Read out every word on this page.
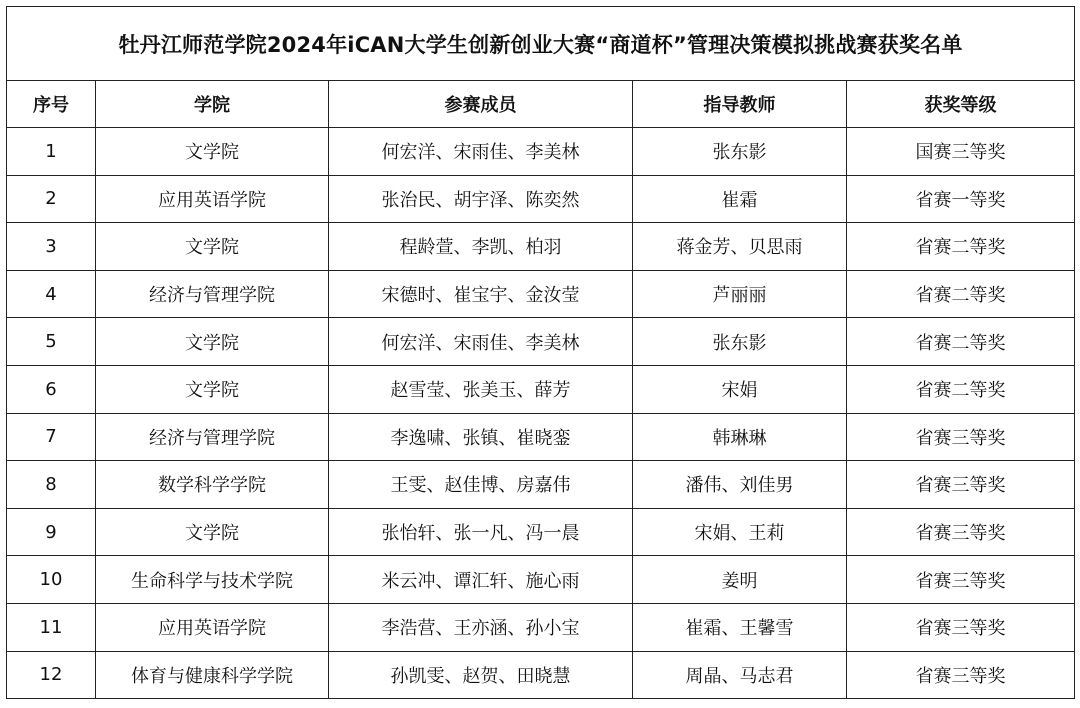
牡丹江师范学院2024年iCAN大学生创新创业大赛“商道杯”管理决策模拟挑战赛获奖名单				
序号	学院	参赛成员	指导教师	获奖等级
1	文学院	何宏洋、宋雨佳、李美林	张东影	国赛三等奖
2	应用英语学院	张治民、胡宇泽、陈奕然	崔霜	省赛一等奖
3	文学院	程龄萱、李凯、柏羽	蒋金芳、贝思雨	省赛二等奖
4	经济与管理学院	宋德时、崔宝宇、金汝莹	芦丽丽	省赛二等奖
5	文学院	何宏洋、宋雨佳、李美林	张东影	省赛二等奖
6	文学院	赵雪莹、张美玉、薛芳	宋娟	省赛二等奖
7	经济与管理学院	李逸啸、张镇、崔晓銮	韩琳琳	省赛三等奖
8	数学科学学院	王雯、赵佳博、房嘉伟	潘伟、刘佳男	省赛三等奖
9	文学院	张怡轩、张一凡、冯一晨	宋娟、王莉	省赛三等奖
10	生命科学与技术学院	米云冲、谭汇轩、施心雨	姜明	省赛三等奖
11	应用英语学院	李浩营、王亦涵、孙小宝	崔霜、王馨雪	省赛三等奖
12	体育与健康科学学院	孙凯雯、赵贺、田晓慧	周晶、马志君	省赛三等奖
